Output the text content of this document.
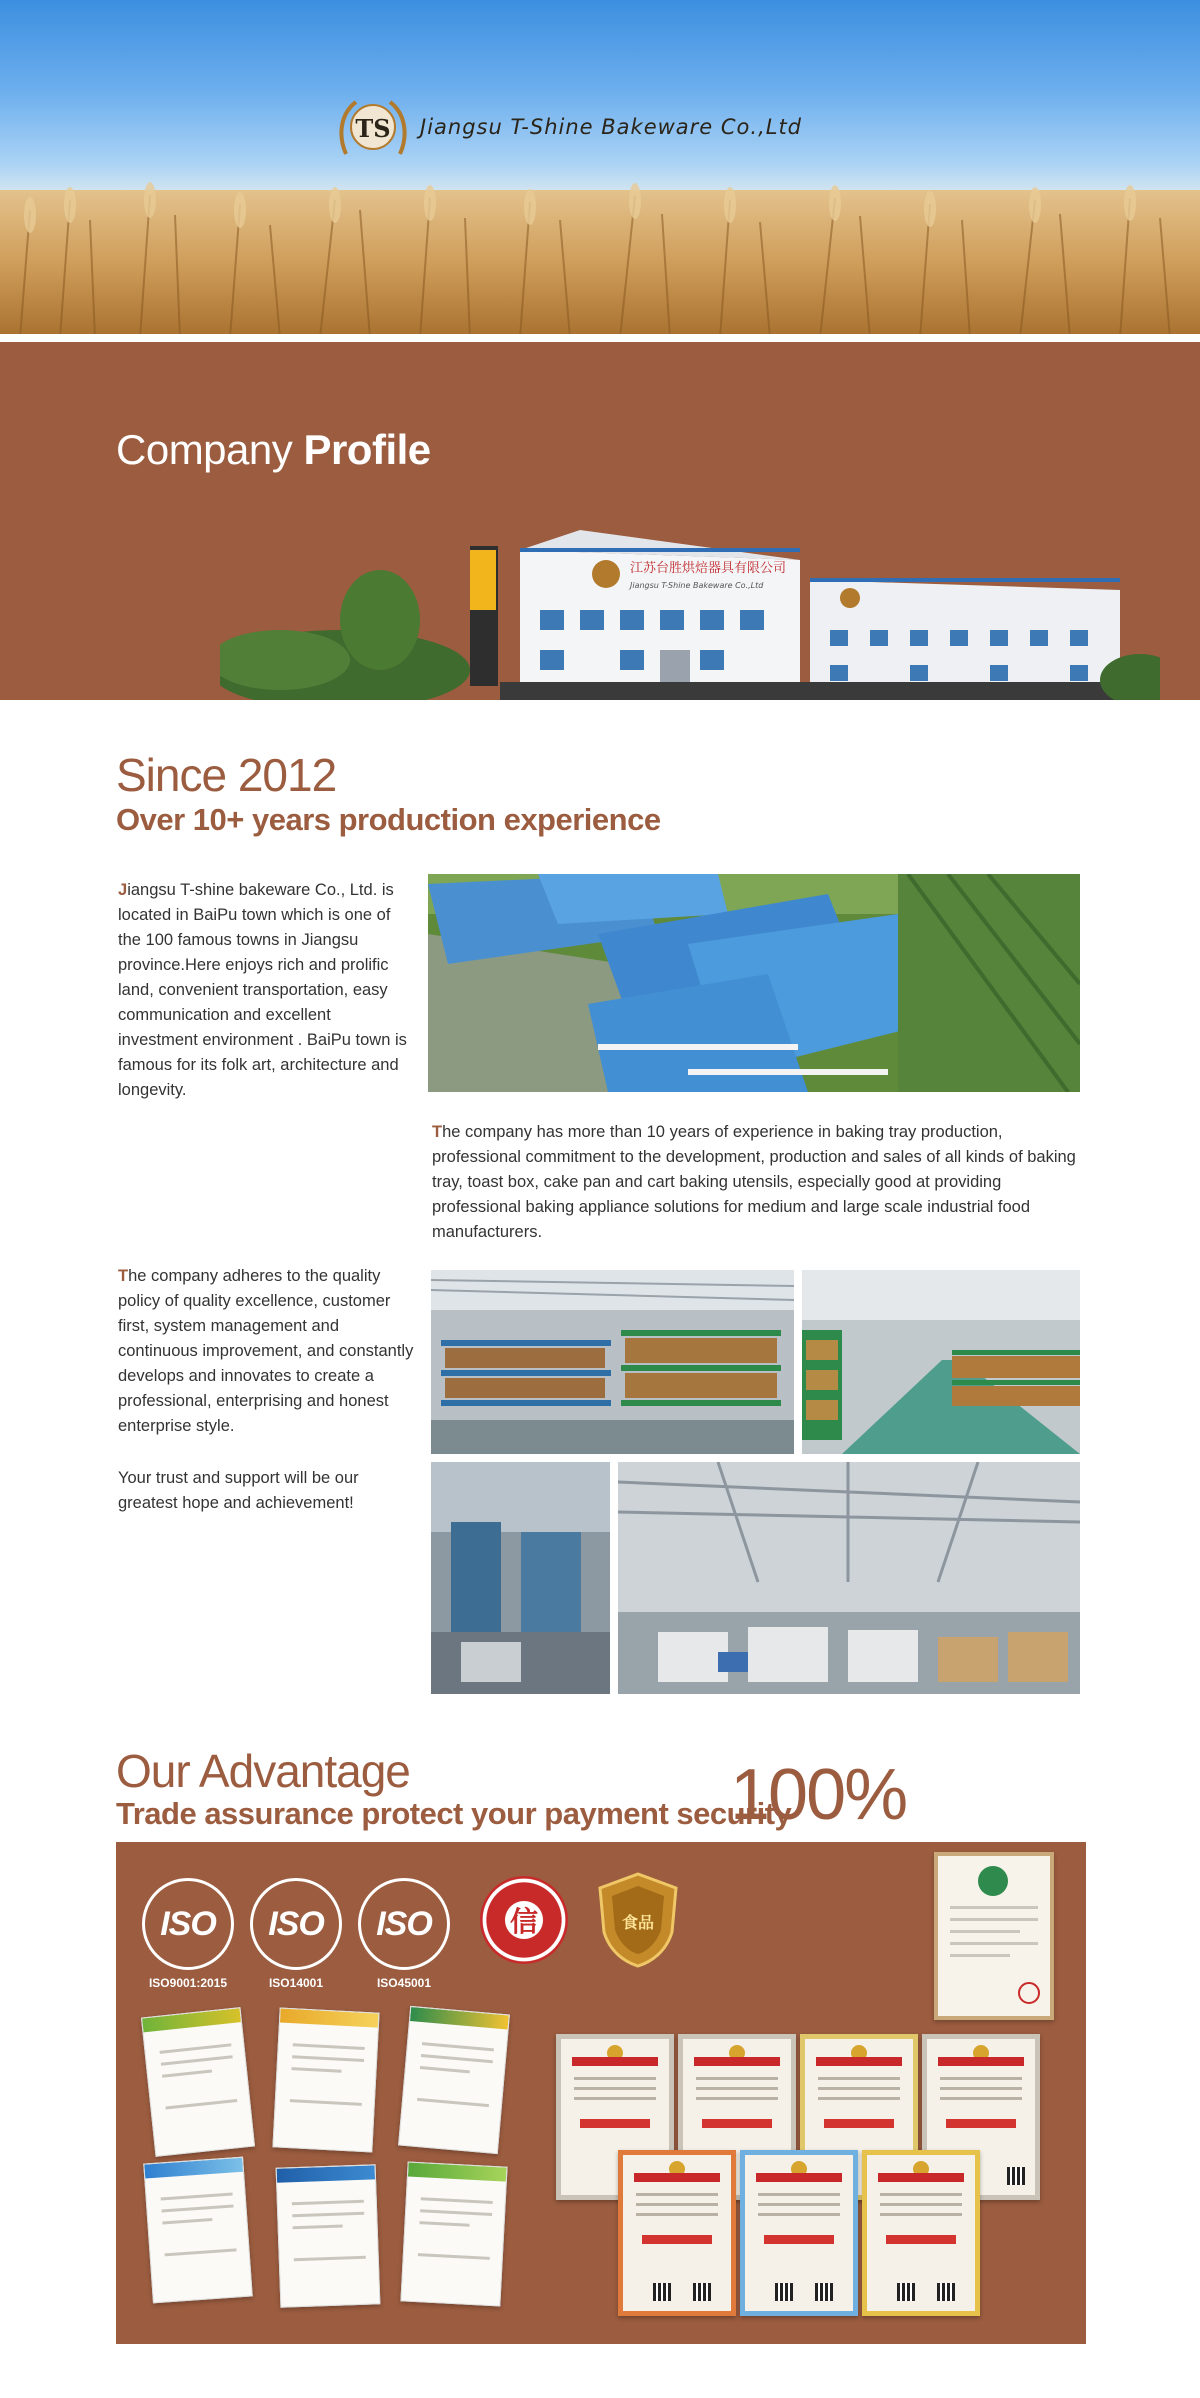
TS Jiangsu T-Shine Bakeware Co.,Ltd
Company Profile
江苏台胜烘焙器具有限公司
Jiangsu T-Shine Bakeware Co.,Ltd
Since 2012
Over 10+ years production experience

Jiangsu T-shine bakeware Co., Ltd. is located in BaiPu town which is one of the 100 famous towns in Jiangsu province.Here enjoys rich and prolific land, convenient transportation, easy communication and excellent investment environment . BaiPu town is famous for its folk art, architecture and longevity.

The company has more than 10 years of experience in baking tray production, professional commitment to the development, production and sales of all kinds of baking tray, toast box, cake pan and cart baking utensils, especially good at providing professional baking appliance solutions for medium and large scale industrial food manufacturers.

The company adheres to the quality policy of quality excellence, customer first, system management and continuous improvement, and constantly develops and innovates to create a professional, enterprising and honest enterprise style.

Your trust and support will be our greatest hope and achievement!

Our Advantage
Trade assurance protect your payment security
100%
ISO
ISO9001:2015
ISO
ISO14001
ISO
ISO45001
信	食品
